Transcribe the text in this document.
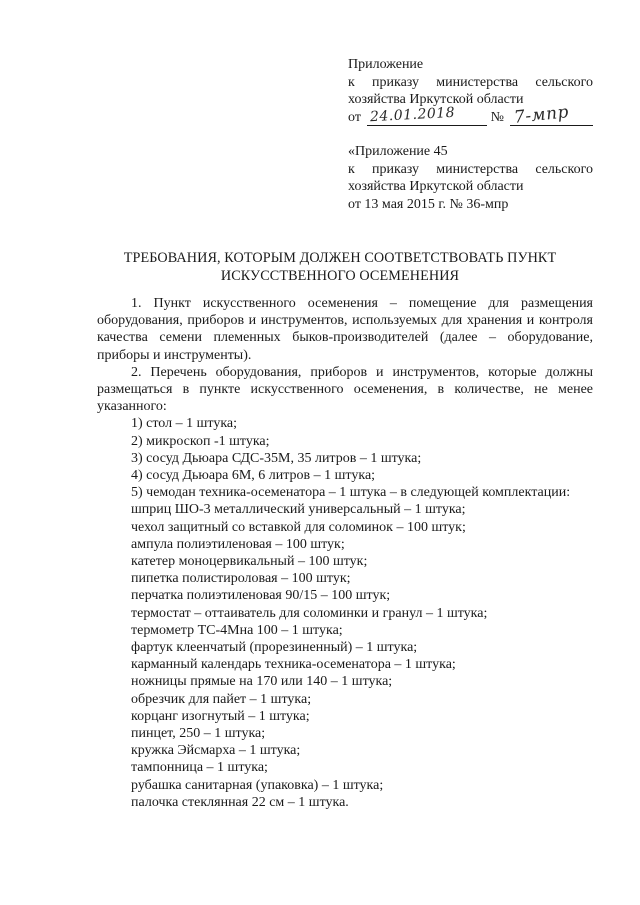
Приложение
к приказу министерства сельского
хозяйства Иркутской области
от 24.01.2018	№ 7-мпр
«Приложение 45
к приказу министерства сельского
хозяйства Иркутской области
от 13 мая 2015 г. № 36-мпр
ТРЕБОВАНИЯ, КОТОРЫМ ДОЛЖЕН СООТВЕТСТВОВАТЬ ПУНКТ
ИСКУССТВЕННОГО ОСЕМЕНЕНИЯ

1. Пункт искусственного осеменения – помещение для размещения оборудования, приборов и инструментов, используемых для хранения и контроля качества семени племенных быков-производителей (далее – оборудование, приборы и инструменты).

2. Перечень оборудования, приборов и инструментов, которые должны размещаться в пункте искусственного осеменения, в количестве, не менее указанного:

1) стол – 1 штука;
2) микроскоп -1 штука;
3) сосуд Дьюара СДС-35М, 35 литров – 1 штука;
4) сосуд Дьюара 6М, 6 литров – 1 штука;
5) чемодан техника-осеменатора – 1 штука – в следующей комплектации:
шприц ШО-3 металлический универсальный – 1 штука;
чехол защитный со вставкой для соломинок – 100 штук;
ампула полиэтиленовая – 100 штук;
катетер моноцервикальный – 100 штук;
пипетка полистироловая – 100 штук;
перчатка полиэтиленовая 90/15 – 100 штук;
термостат – оттаиватель для соломинки и гранул – 1 штука;
термометр ТС-4Мна 100 – 1 штука;
фартук клеенчатый (прорезиненный) – 1 штука;
карманный календарь техника-осеменатора – 1 штука;
ножницы прямые на 170 или 140 – 1 штука;
обрезчик для пайет – 1 штука;
корцанг изогнутый – 1 штука;
пинцет, 250 – 1 штука;
кружка Эйсмарха – 1 штука;
тампонница – 1 штука;
рубашка санитарная (упаковка) – 1 штука;
палочка стеклянная 22 см – 1 штука.
